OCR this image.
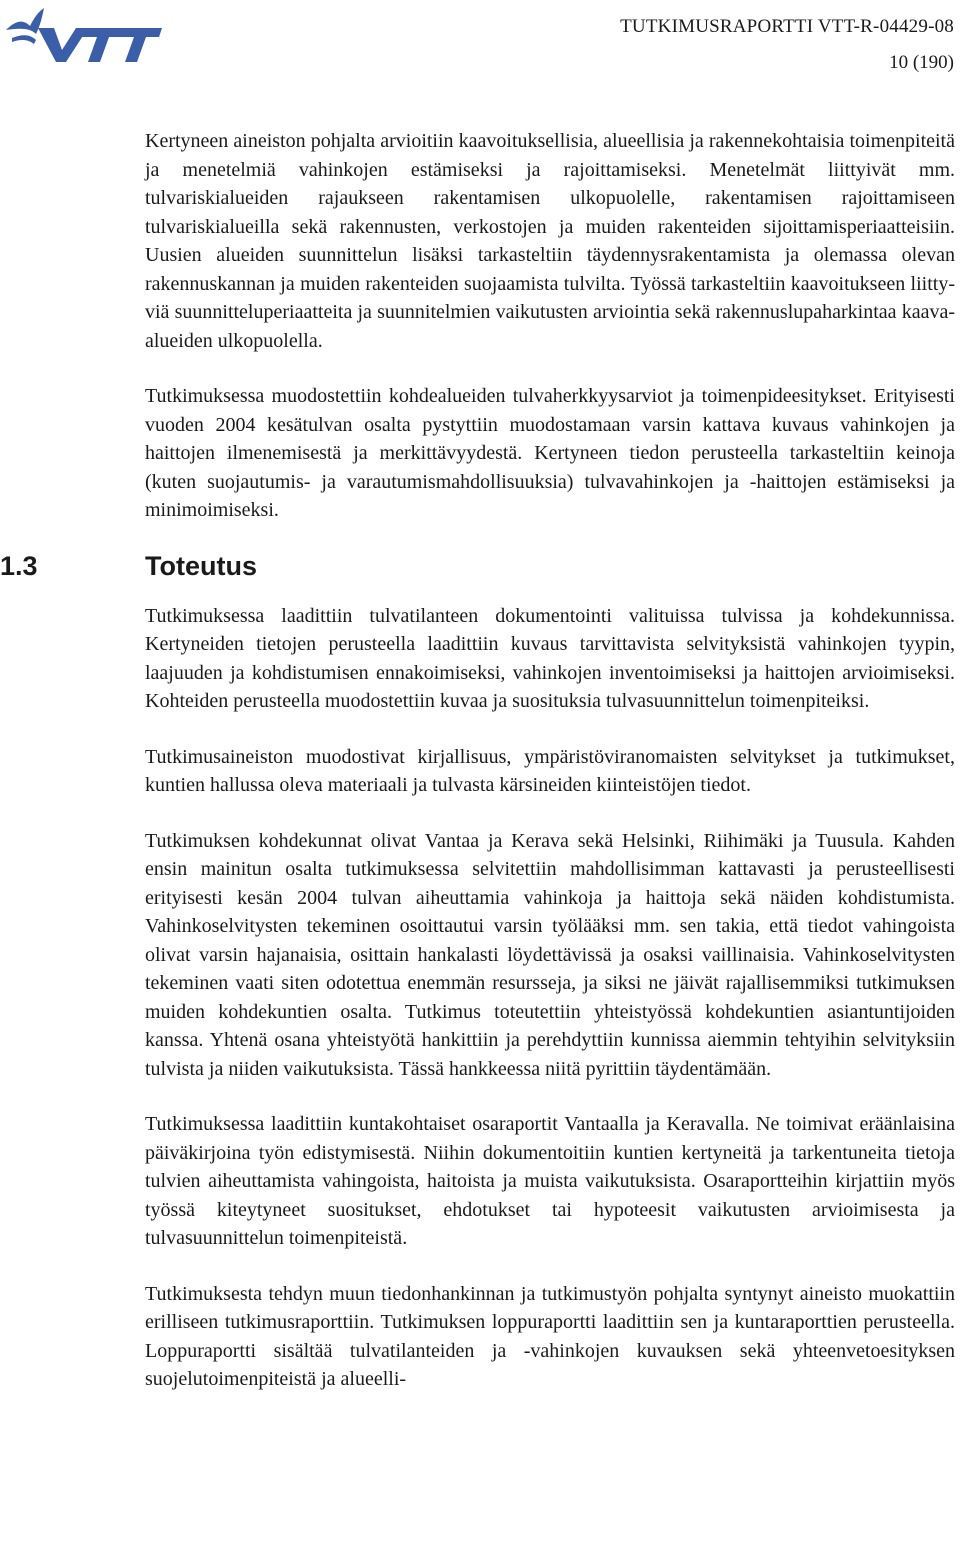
TUTKIMUSRAPORTTI VTT-R-04429-08
10 (190)

Kertyneen aineiston pohjalta arvioitiin kaavoituksellisia, alueellisia ja rakennekohtaisia toimenpiteitä ja menetelmiä vahinkojen estämiseksi ja rajoittamiseksi. Menetelmät liittyivät mm. tulvariskialueiden rajaukseen rakentamisen ulkopuolelle, rakentamisen rajoittamiseen tulvariskialueilla sekä rakennusten, verkostojen ja muiden rakenteiden sijoittamisperiaatteisiin. Uusien alueiden suunnittelun lisäksi tarkasteltiin täydennysrakentamista ja olemassa olevan rakennuskannan ja muiden rakenteiden suojaamista tulvilta. Työssä tarkasteltiin kaavoitukseen liittyviä suunnitteluperiaatteita ja suunnitelmien vaikutusten arviointia sekä rakennuslupaharkintaa kaava-alueiden ulkopuolella.

Tutkimuksessa muodostettiin kohdealueiden tulvaherkkyysarviot ja toimenpideesitykset. Erityisesti vuoden 2004 kesätulvan osalta pystyttiin muodostamaan varsin kattava kuvaus vahinkojen ja haittojen ilmenemisestä ja merkittävyydestä. Kertyneen tiedon perusteella tarkasteltiin keinoja (kuten suojautumis- ja varautumismahdollisuuksia) tulvavahinkojen ja -haittojen estämiseksi ja minimoimiseksi.

1.3	Toteutus

Tutkimuksessa laadittiin tulvatilanteen dokumentointi valituissa tulvissa ja kohdekunnissa. Kertyneiden tietojen perusteella laadittiin kuvaus tarvittavista selvityksistä vahinkojen tyypin, laajuuden ja kohdistumisen ennakoimiseksi, vahinkojen inventoimiseksi ja haittojen arvioimiseksi. Kohteiden perusteella muodostettiin kuvaa ja suosituksia tulvasuunnittelun toimenpiteiksi.

Tutkimusaineiston muodostivat kirjallisuus, ympäristöviranomaisten selvitykset ja tutkimukset, kuntien hallussa oleva materiaali ja tulvasta kärsineiden kiinteistöjen tiedot.

Tutkimuksen kohdekunnat olivat Vantaa ja Kerava sekä Helsinki, Riihimäki ja Tuusula. Kahden ensin mainitun osalta tutkimuksessa selvitettiin mahdollisimman kattavasti ja perusteellisesti erityisesti kesän 2004 tulvan aiheuttamia vahinkoja ja haittoja sekä näiden kohdistumista. Vahinkoselvitysten tekeminen osoittautui varsin työlääksi mm. sen takia, että tiedot vahingoista olivat varsin hajanaisia, osittain hankalasti löydettävissä ja osaksi vaillinaisia. Vahinkoselvitysten tekeminen vaati siten odotettua enemmän resursseja, ja siksi ne jäivät rajallisemmiksi tutkimuksen muiden kohdekuntien osalta. Tutkimus toteutettiin yhteistyössä kohdekuntien asiantuntijoiden kanssa. Yhtenä osana yhteistyötä hankittiin ja perehdyttiin kunnissa aiemmin tehtyihin selvityksiin tulvista ja niiden vaikutuksista. Tässä hankkeessa niitä pyrittiin täydentämään.

Tutkimuksessa laadittiin kuntakohtaiset osaraportit Vantaalla ja Keravalla. Ne toimivat eräänlaisina päiväkirjoina työn edistymisestä. Niihin dokumentoitiin kuntien kertyneitä ja tarkentuneita tietoja tulvien aiheuttamista vahingoista, haitoista ja muista vaikutuksista. Osaraportteihin kirjattiin myös työssä kiteytyneet suositukset, ehdotukset tai hypoteesit vaikutusten arvioimisesta ja tulvasuunnittelun toimenpiteistä.

Tutkimuksesta tehdyn muun tiedonhankinnan ja tutkimustyön pohjalta syntynyt aineisto muokattiin erilliseen tutkimusraporttiin. Tutkimuksen loppuraportti laadittiin sen ja kuntaraporttien perusteella. Loppuraportti sisältää tulvatilanteiden ja -vahinkojen kuvauksen sekä yhteenvetoesityksen suojelutoimenpiteistä ja alueelli-
